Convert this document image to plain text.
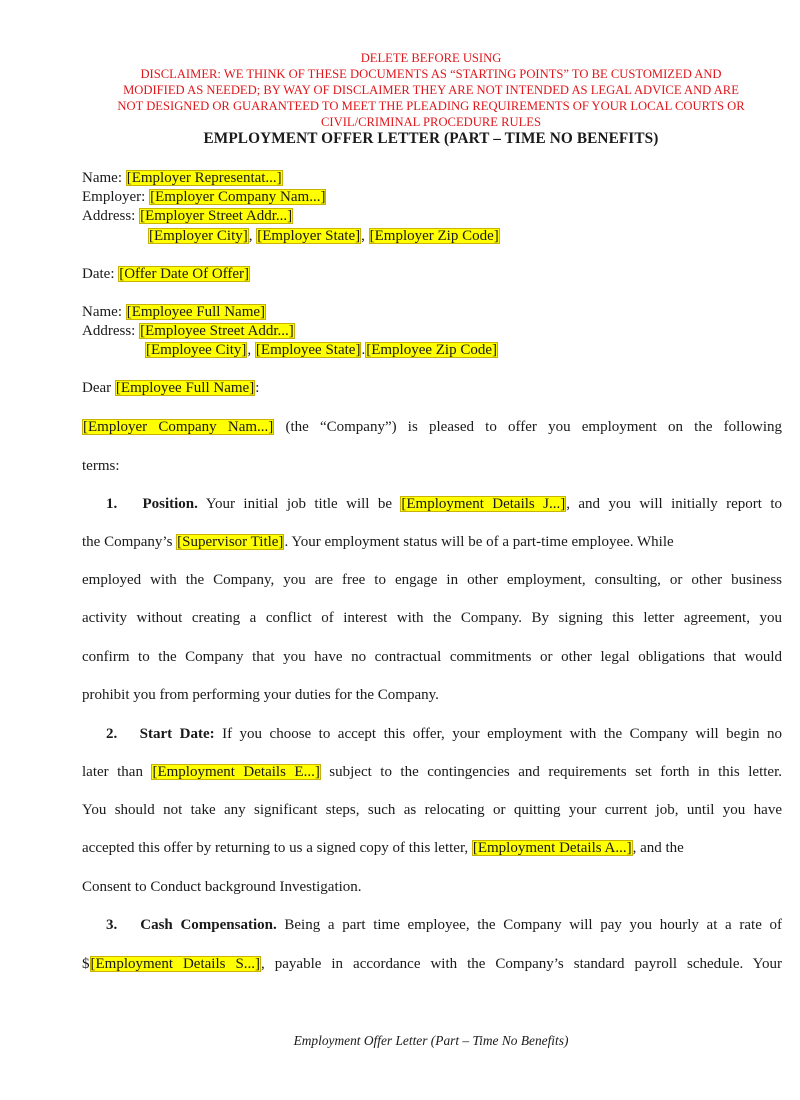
DELETE BEFORE USING
DISCLAIMER: WE THINK OF THESE DOCUMENTS AS “STARTING POINTS” TO BE CUSTOMIZED AND
MODIFIED AS NEEDED; BY WAY OF DISCLAIMER THEY ARE NOT INTENDED AS LEGAL ADVICE AND ARE
NOT DESIGNED OR GUARANTEED TO MEET THE PLEADING REQUIREMENTS OF YOUR LOCAL COURTS OR
CIVIL/CRIMINAL PROCEDURE RULES
EMPLOYMENT OFFER LETTER (PART – TIME NO BENEFITS)
Name: [Employer Representat...]
Employer: [Employer Company Nam...]
Address: [Employer Street Addr...]
[Employer City], [Employer State], [Employer Zip Code]
Date: [Offer Date Of Offer]
Name: [Employee Full Name]
Address: [Employee Street Addr...]
[Employee City], [Employee State].[Employee Zip Code]
Dear [Employee Full Name]:
[Employer Company Nam...] (the “Company”) is pleased to offer you employment on the following
terms:
1. Position. Your initial job title will be [Employment Details J...], and you will initially report to
the Company’s [Supervisor Title]. Your employment status will be of a part-time employee. While
employed with the Company, you are free to engage in other employment, consulting, or other business
activity without creating a conflict of interest with the Company. By signing this letter agreement, you
confirm to the Company that you have no contractual commitments or other legal obligations that would
prohibit you from performing your duties for the Company.
2. Start Date: If you choose to accept this offer, your employment with the Company will begin no
later than [Employment Details E...] subject to the contingencies and requirements set forth in this letter.
You should not take any significant steps, such as relocating or quitting your current job, until you have
accepted this offer by returning to us a signed copy of this letter, [Employment Details A...], and the
Consent to Conduct background Investigation.
3. Cash Compensation. Being a part time employee, the Company will pay you hourly at a rate of
$[Employment Details S...], payable in accordance with the Company’s standard payroll schedule. Your
Employment Offer Letter (Part – Time No Benefits)
